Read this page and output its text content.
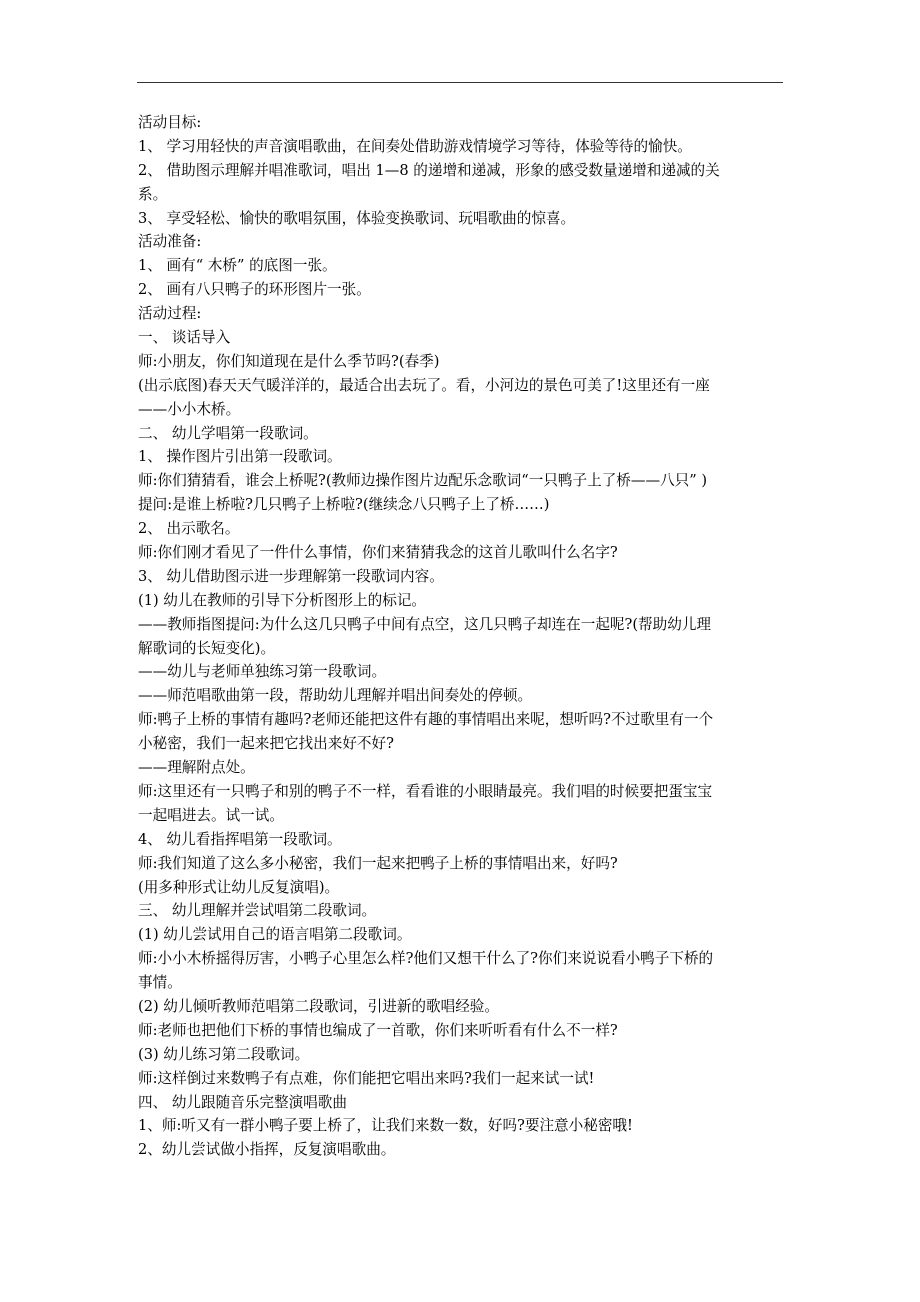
活动目标:
1、 学习用轻快的声音演唱歌曲，在间奏处借助游戏情境学习等待，体验等待的愉快。
2、 借助图示理解并唱准歌词，唱出 1—8 的递增和递减，形象的感受数量递增和递减的关
系。
3、 享受轻松、愉快的歌唱氛围，体验变换歌词、玩唱歌曲的惊喜。
活动准备:
1、 画有“ 木桥” 的底图一张。
2、 画有八只鸭子的环形图片一张。
活动过程:
一、 谈话导入
师:小朋友，你们知道现在是什么季节吗?(春季)
(出示底图)春天天气暖洋洋的，最适合出去玩了。看，小河边的景色可美了!这里还有一座
——小小木桥。
二、 幼儿学唱第一段歌词。
1、 操作图片引出第一段歌词。
师:你们猜猜看，谁会上桥呢?(教师边操作图片边配乐念歌词“一只鸭子上了桥——八只” )
提问:是谁上桥啦?几只鸭子上桥啦?(继续念八只鸭子上了桥……)
2、 出示歌名。
师:你们刚才看见了一件什么事情，你们来猜猜我念的这首儿歌叫什么名字?
3、 幼儿借助图示进一步理解第一段歌词内容。
(1) 幼儿在教师的引导下分析图形上的标记。
——教师指图提问:为什么这几只鸭子中间有点空，这几只鸭子却连在一起呢?(帮助幼儿理
解歌词的长短变化)。
——幼儿与老师单独练习第一段歌词。
——师范唱歌曲第一段，帮助幼儿理解并唱出间奏处的停顿。
师:鸭子上桥的事情有趣吗?老师还能把这件有趣的事情唱出来呢，想听吗?不过歌里有一个
小秘密，我们一起来把它找出来好不好?
——理解附点处。
师:这里还有一只鸭子和别的鸭子不一样，看看谁的小眼睛最亮。我们唱的时候要把蛋宝宝
一起唱进去。试一试。
4、 幼儿看指挥唱第一段歌词。
师:我们知道了这么多小秘密，我们一起来把鸭子上桥的事情唱出来，好吗?
(用多种形式让幼儿反复演唱)。
三、 幼儿理解并尝试唱第二段歌词。
(1) 幼儿尝试用自己的语言唱第二段歌词。
师:小小木桥摇得厉害，小鸭子心里怎么样?他们又想干什么了?你们来说说看小鸭子下桥的
事情。
(2) 幼儿倾听教师范唱第二段歌词，引进新的歌唱经验。
师:老师也把他们下桥的事情也编成了一首歌，你们来听听看有什么不一样?
(3) 幼儿练习第二段歌词。
师:这样倒过来数鸭子有点难，你们能把它唱出来吗?我们一起来试一试!
四、 幼儿跟随音乐完整演唱歌曲
1、师:听又有一群小鸭子要上桥了，让我们来数一数，好吗?要注意小秘密哦!
2、幼儿尝试做小指挥，反复演唱歌曲。
